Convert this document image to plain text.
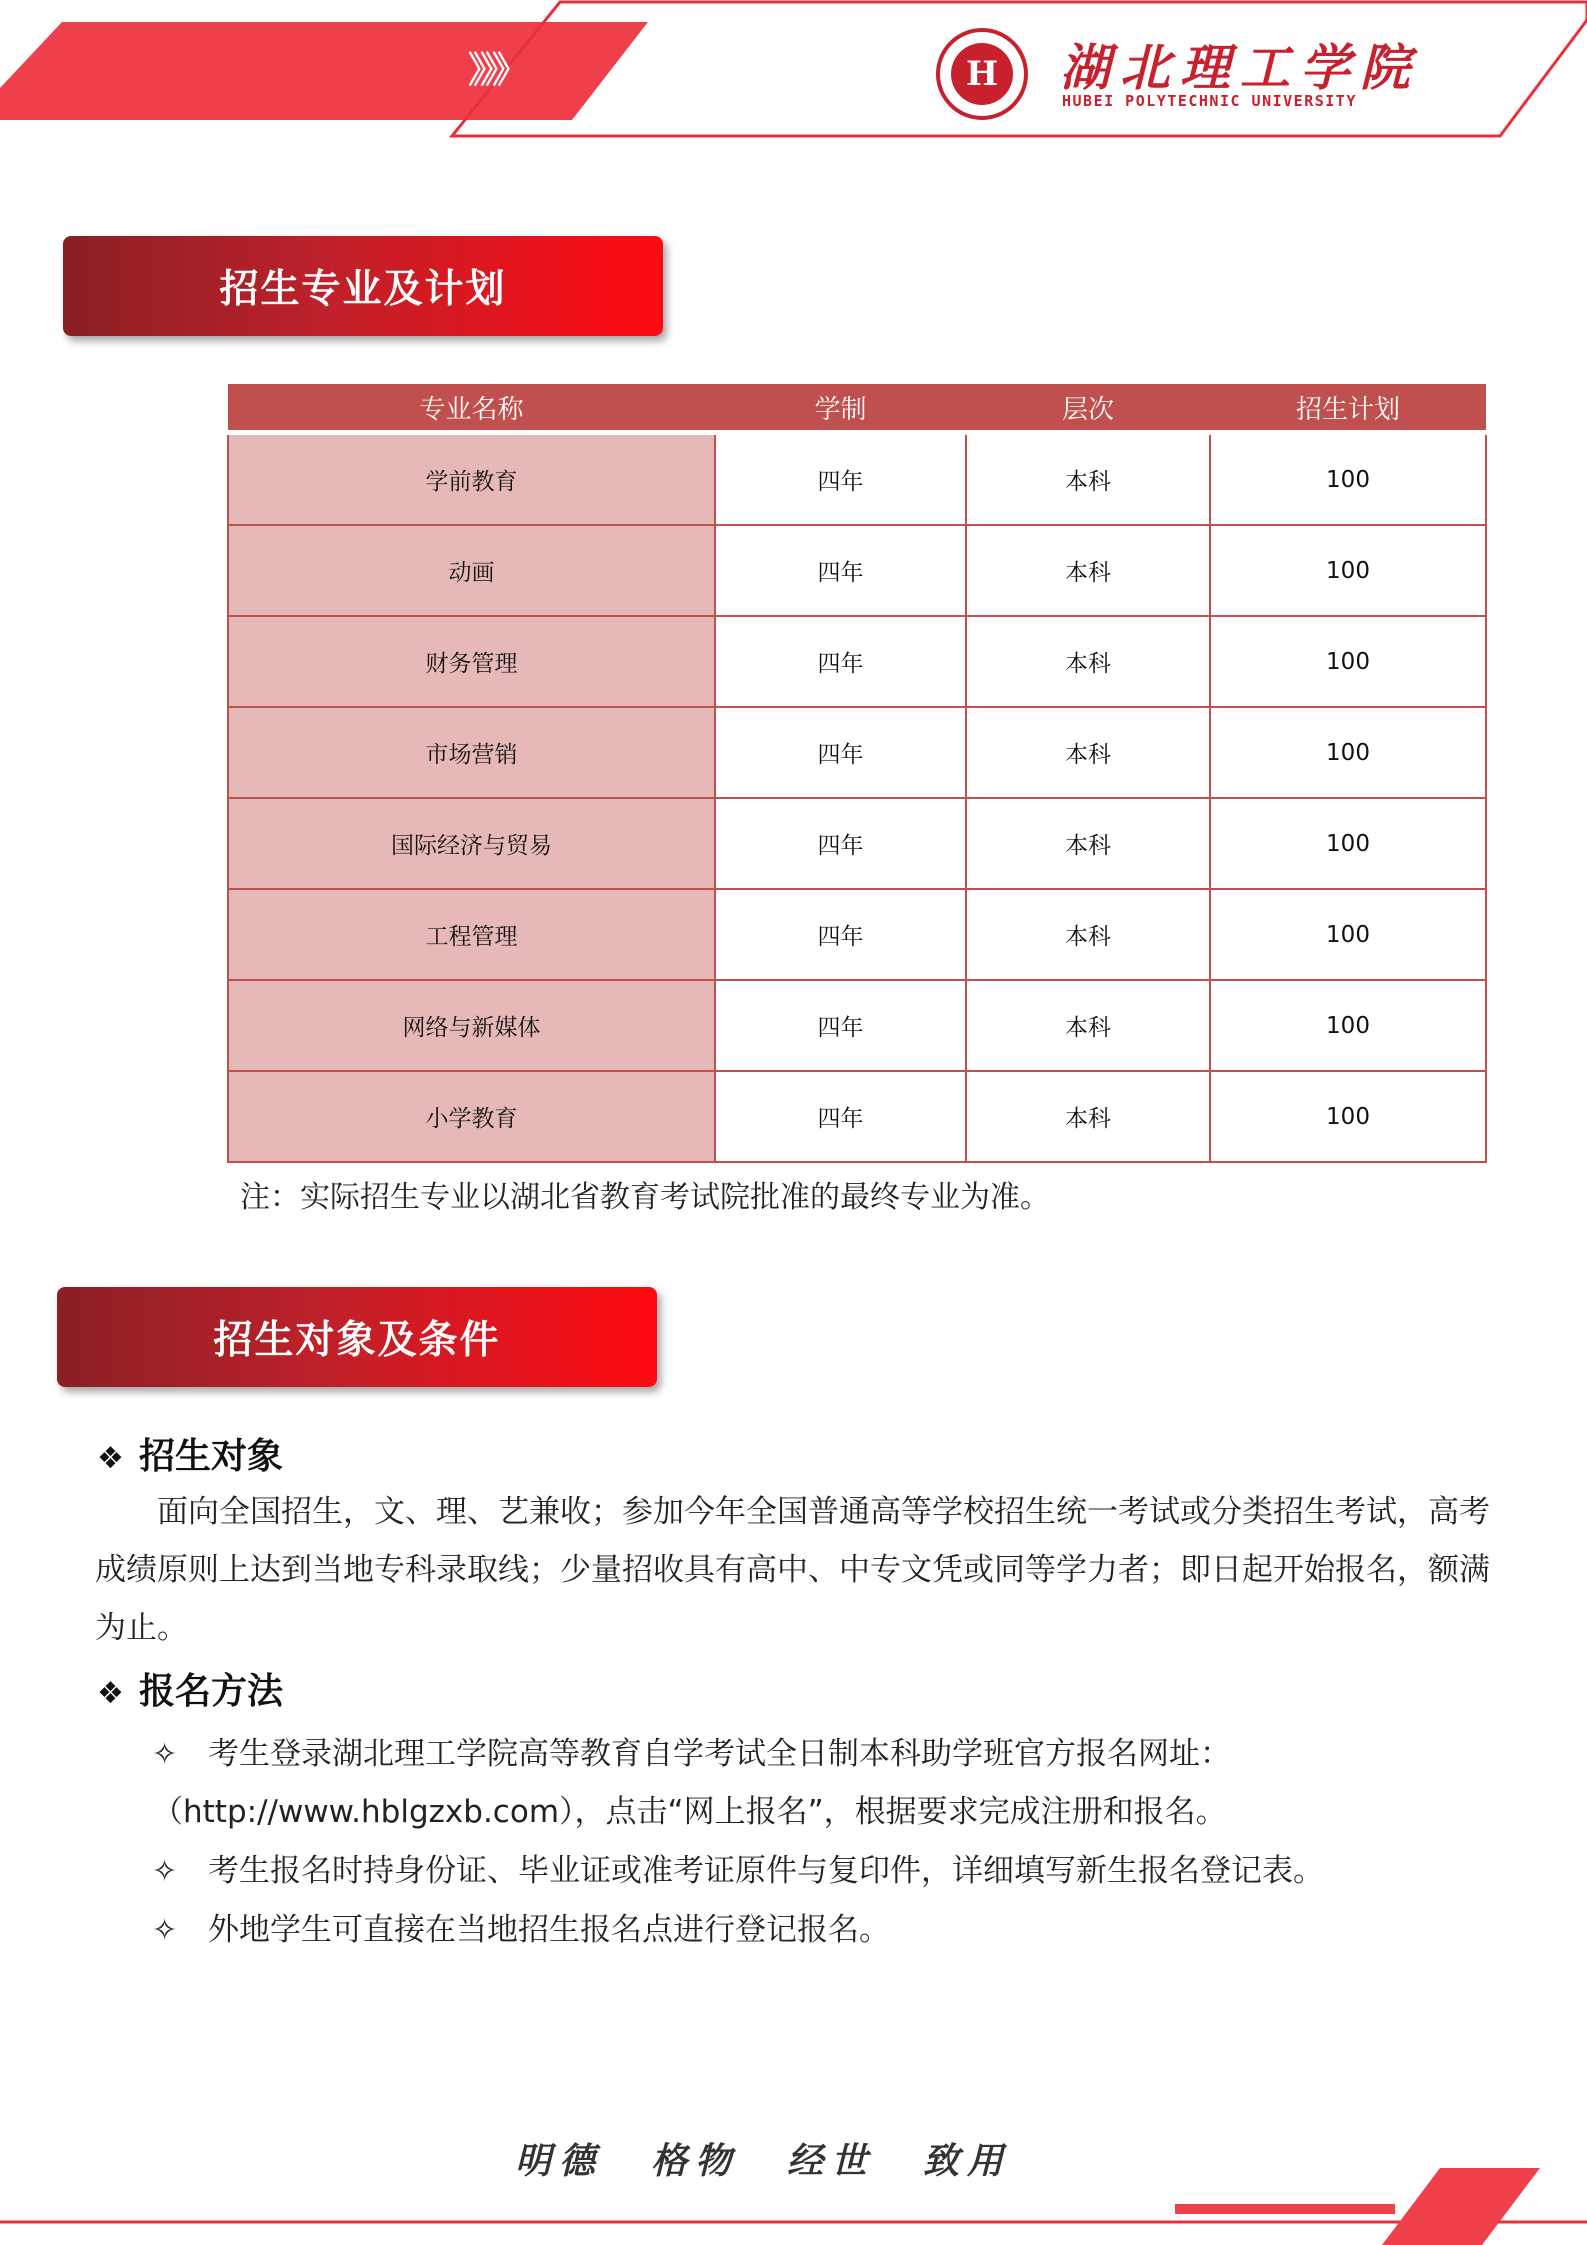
》》》	H 湖北理工学院
HUBEI POLYTECHNIC UNIVERSITY
招生专业及计划
专业名称	学制	层次	招生计划
学前教育	四年	本科	100
动画	四年	本科	100
财务管理	四年	本科	100
市场营销	四年	本科	100
国际经济与贸易	四年	本科	100
工程管理	四年	本科	100
网络与新媒体	四年	本科	100
小学教育	四年	本科	100
注：实际招生专业以湖北省教育考试院批准的最终专业为准。
招生对象及条件
❖ 招生对象
面向全国招生，文、理、艺兼收；参加今年全国普通高等学校招生统一考试或分类招生考试，高考成绩原则上达到当地专科录取线；少量招收具有高中、中专文凭或同等学力者；即日起开始报名，额满为止。
❖ 报名方法
✧ 考生登录湖北理工学院高等教育自学考试全日制本科助学班官方报名网址：
（http://www.hblgzxb.com），点击“网上报名”，根据要求完成注册和报名。
✧ 考生报名时持身份证、毕业证或准考证原件与复印件，详细填写新生报名登记表。
✧ 外地学生可直接在当地招生报名点进行登记报名。
明德 格物 经世 致用
